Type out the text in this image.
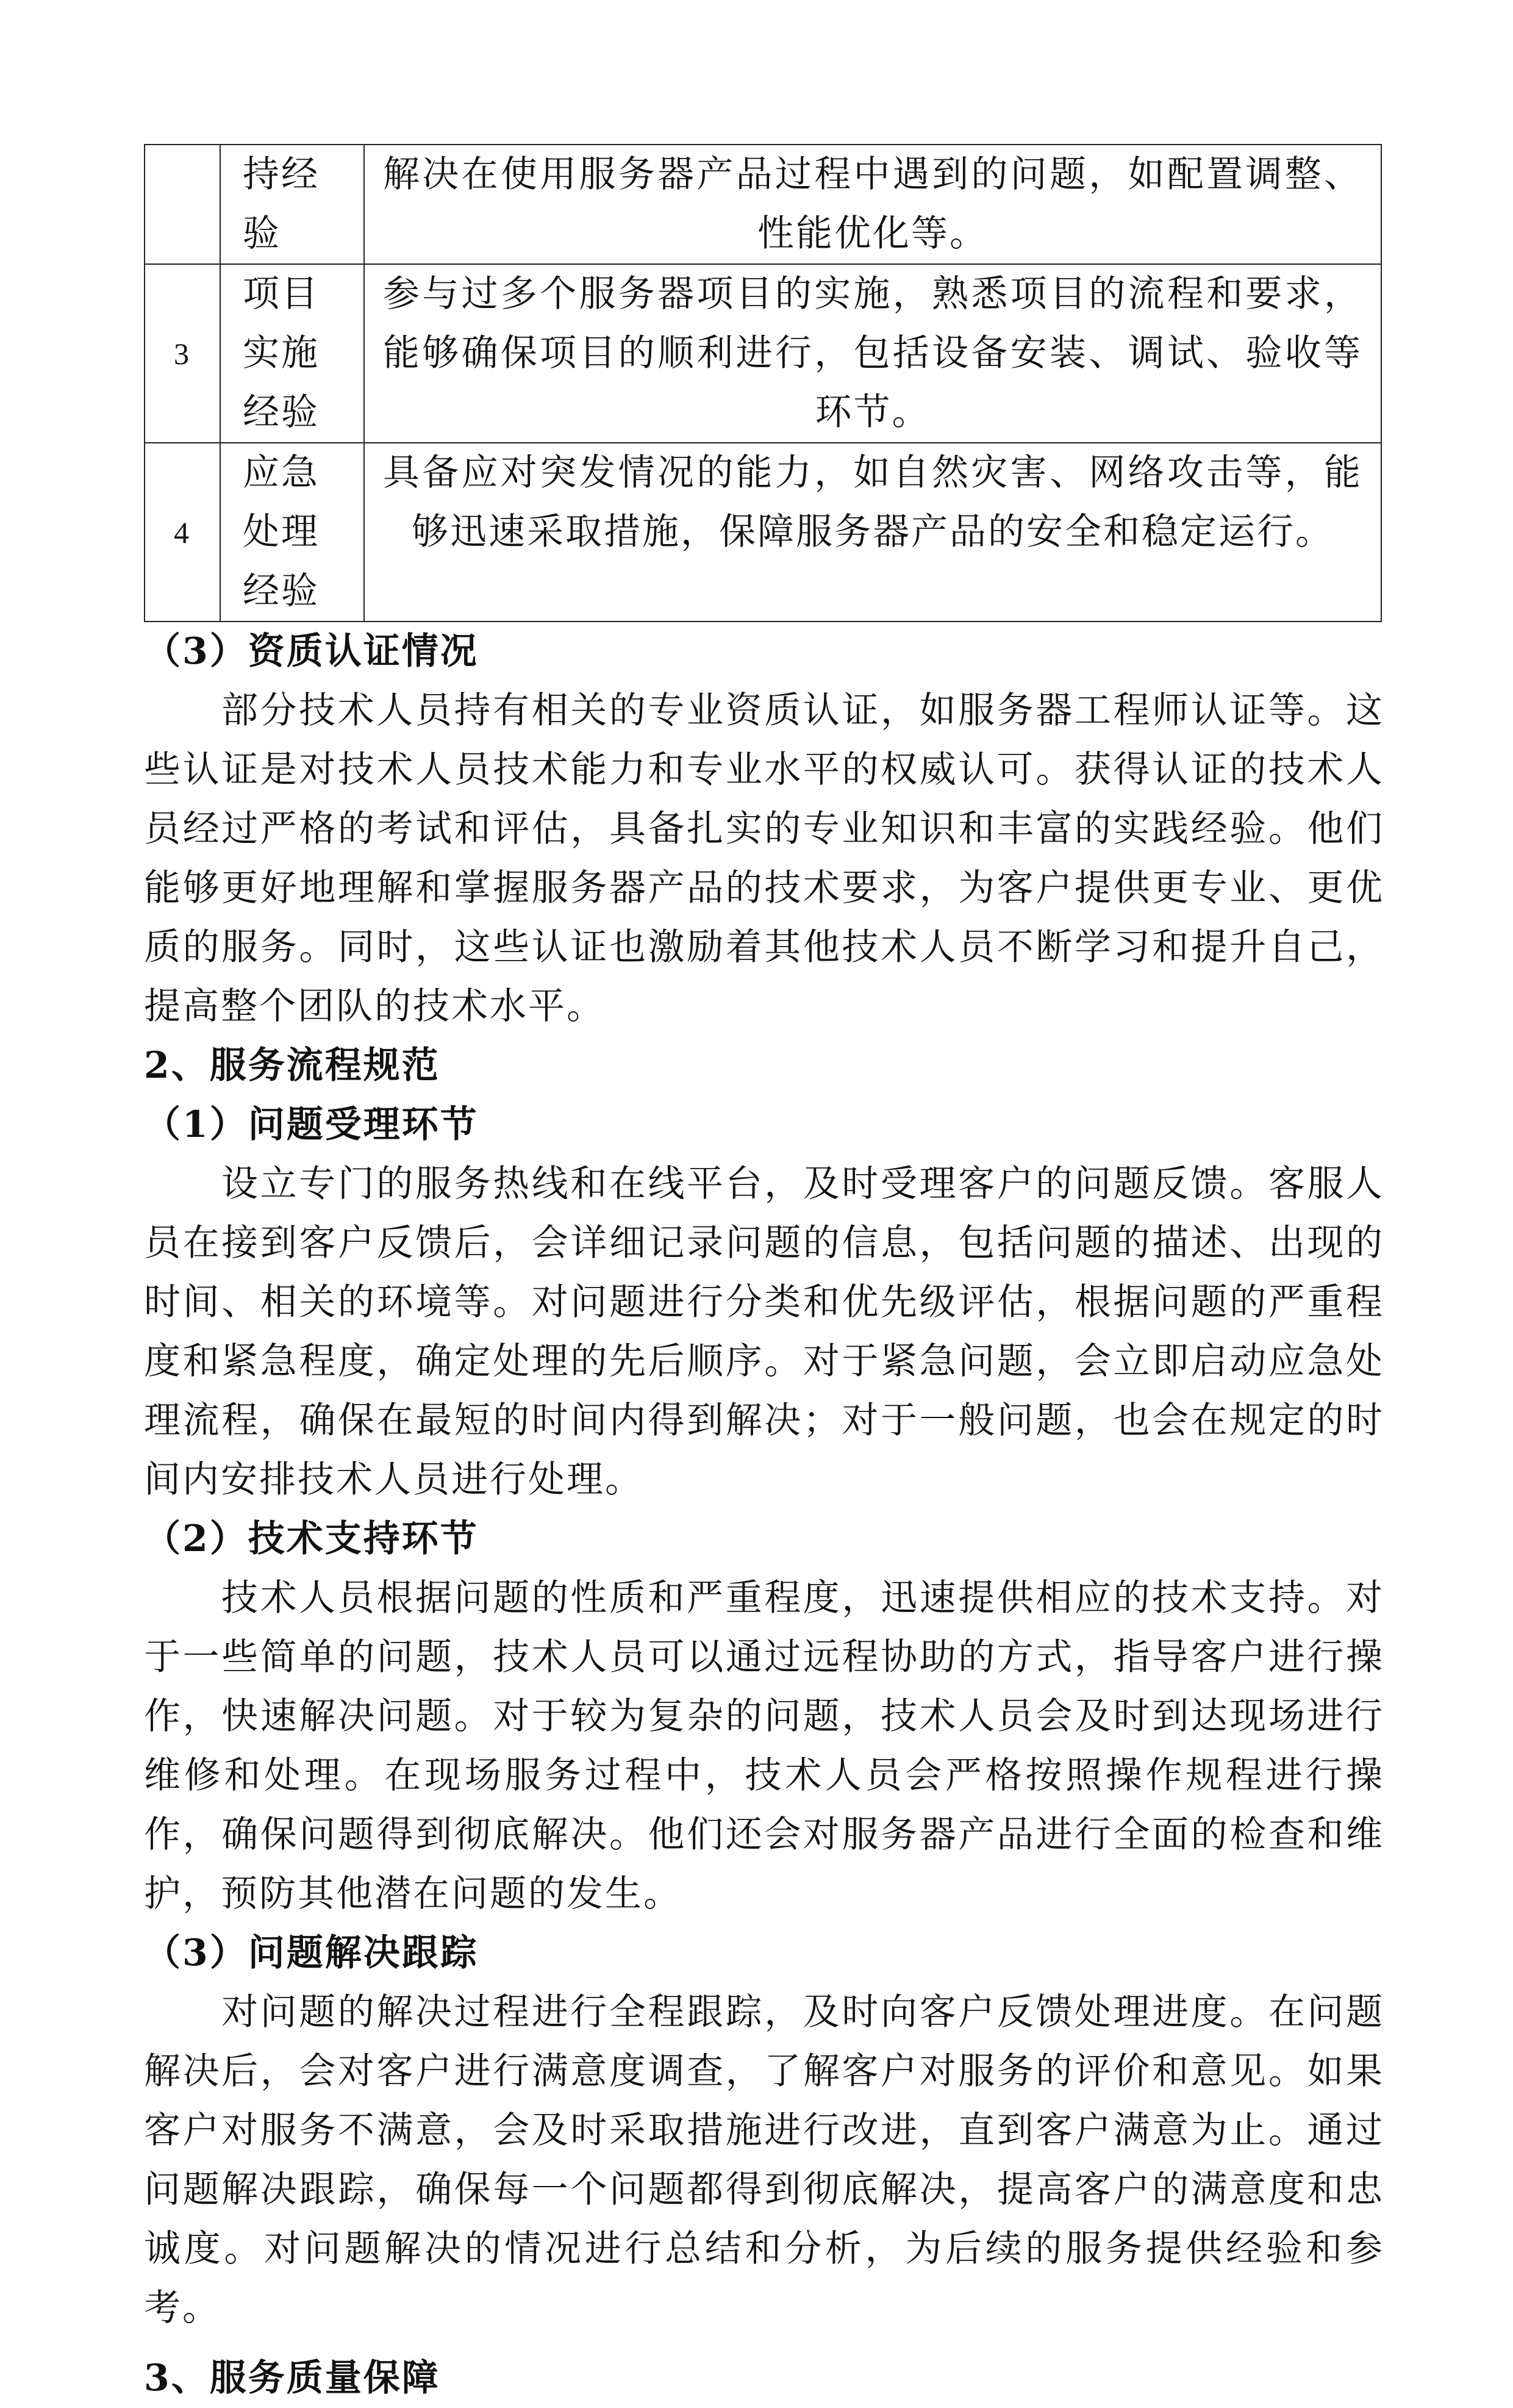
	持经验	解决在使用服务器产品过程中遇到的问题，如配置调整、性能优化等。

3	项目实施经验	参与过多个服务器项目的实施，熟悉项目的流程和要求，能够确保项目的顺利进行，包括设备安装、调试、验收等环节。

4	应急处理经验	具备应对突发情况的能力，如自然灾害、网络攻击等，能够迅速采取措施，保障服务器产品的安全和稳定运行。
（3）资质认证情况

部分技术人员持有相关的专业资质认证，如服务器工程师认证等。这些认证是对技术人员技术能力和专业水平的权威认可。获得认证的技术人员经过严格的考试和评估，具备扎实的专业知识和丰富的实践经验。他们能够更好地理解和掌握服务器产品的技术要求，为客户提供更专业、更优质的服务。同时，这些认证也激励着其他技术人员不断学习和提升自己，提高整个团队的技术水平。

2、服务流程规范
（1）问题受理环节

设立专门的服务热线和在线平台，及时受理客户的问题反馈。客服人员在接到客户反馈后，会详细记录问题的信息，包括问题的描述、出现的时间、相关的环境等。对问题进行分类和优先级评估，根据问题的严重程度和紧急程度，确定处理的先后顺序。对于紧急问题，会立即启动应急处理流程，确保在最短的时间内得到解决；对于一般问题，也会在规定的时间内安排技术人员进行处理。

（2）技术支持环节

技术人员根据问题的性质和严重程度，迅速提供相应的技术支持。对于一些简单的问题，技术人员可以通过远程协助的方式，指导客户进行操作，快速解决问题。对于较为复杂的问题，技术人员会及时到达现场进行维修和处理。在现场服务过程中，技术人员会严格按照操作规程进行操作，确保问题得到彻底解决。他们还会对服务器产品进行全面的检查和维护，预防其他潜在问题的发生。

（3）问题解决跟踪

对问题的解决过程进行全程跟踪，及时向客户反馈处理进度。在问题解决后，会对客户进行满意度调查，了解客户对服务的评价和意见。如果客户对服务不满意，会及时采取措施进行改进，直到客户满意为止。通过问题解决跟踪，确保每一个问题都得到彻底解决，提高客户的满意度和忠诚度。对问题解决的情况进行总结和分析，为后续的服务提供经验和参考。

3、服务质量保障
